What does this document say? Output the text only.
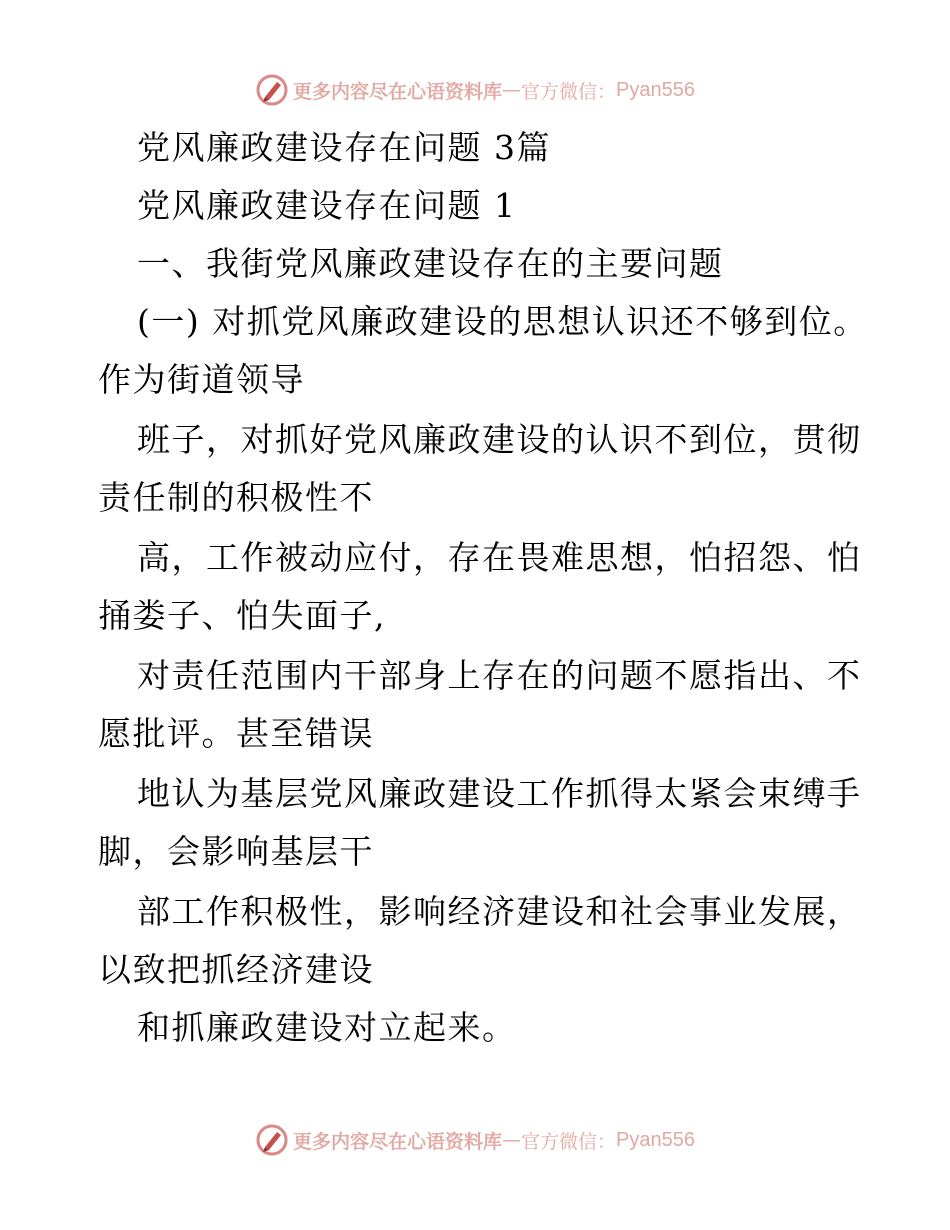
更多内容尽在心语资料库 — 官方微信： Pyan556
党风廉政建设存在问题 3篇
党风廉政建设存在问题 1
一、我街党风廉政建设存在的主要问题
(一) 对抓党风廉政建设的思想认识还不够到位。
作为街道领导
班子，对抓好党风廉政建设的认识不到位，贯彻
责任制的积极性不
高，工作被动应付，存在畏难思想，怕招怨、怕
捅娄子、怕失面子,
对责任范围内干部身上存在的问题不愿指出、不
愿批评。甚至错误
地认为基层党风廉政建设工作抓得太紧会束缚手
脚，会影响基层干
部工作积极性，影响经济建设和社会事业发展，
以致把抓经济建设
和抓廉政建设对立起来。
更多内容尽在心语资料库 — 官方微信： Pyan556
